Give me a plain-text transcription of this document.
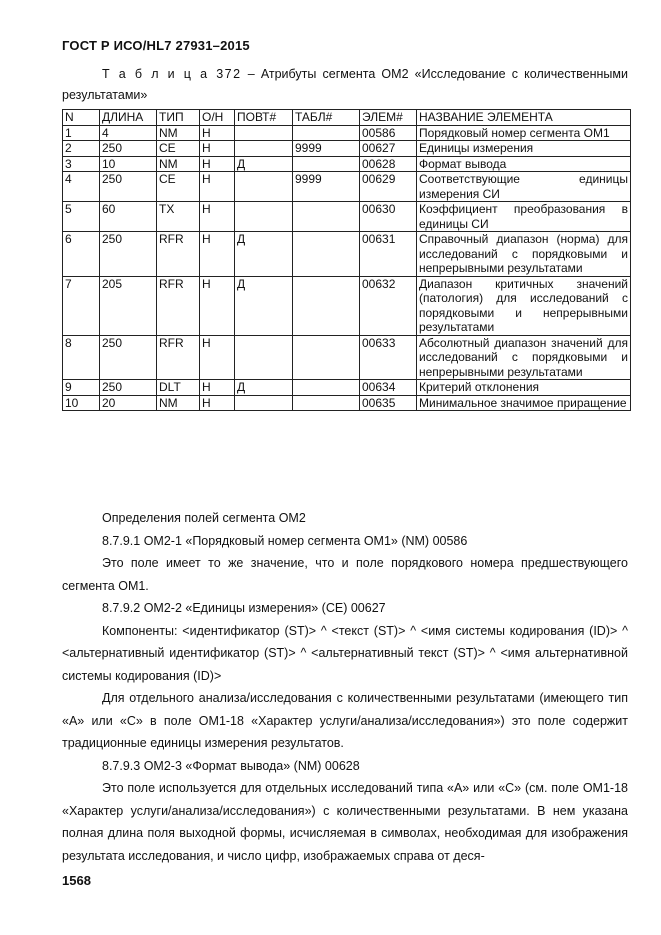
ГОСТ Р ИСО/HL7 27931–2015
Т а б л и ц а 372 – Атрибуты сегмента ОМ2 «Исследование с количественными результатами»
N	ДЛИНА	ТИП	О/Н	ПОВТ#	ТАБЛ#	ЭЛЕМ#	НАЗВАНИЕ ЭЛЕМЕНТА
1	4	NM	Н			00586	Порядковый номер сегмента ОМ1
2	250	CE	Н		9999	00627	Единицы измерения
3	10	NM	Н	Д		00628	Формат вывода
4	250	CE	Н		9999	00629	Соответствующие единицы измерения СИ
5	60	TX	Н			00630	Коэффициент преобразования в единицы СИ
6	250	RFR	Н	Д		00631	Справочный диапазон (норма) для исследований с порядковыми и непрерывными результатами
7	205	RFR	Н	Д		00632	Диапазон критичных значений (патология) для исследований с порядковыми и непрерывными результатами
8	250	RFR	Н			00633	Абсолютный диапазон значений для исследований с порядковыми и непрерывными результатами
9	250	DLT	Н	Д		00634	Критерий отклонения
10	20	NM	Н			00635	Минимальное значимое приращение

Определения полей сегмента ОМ2

8.7.9.1 ОМ2-1 «Порядковый номер сегмента ОМ1» (NM) 00586

Это поле имеет то же значение, что и поле порядкового номера предшествующего сегмента ОМ1.

8.7.9.2 ОМ2-2 «Единицы измерения» (CE) 00627

Компоненты: <идентификатор (ST)> ^ <текст (ST)> ^ <имя системы кодирования (ID)> ^ <альтернативный идентификатор (ST)> ^ <альтернативный текст (ST)> ^ <имя альтернативной системы кодирования (ID)>

Для отдельного анализа/исследования с количественными результатами (имеющего тип «А» или «С» в поле ОМ1-18 «Характер услуги/анализа/исследования») это поле содержит традиционные единицы измерения результатов.

8.7.9.3 ОМ2-3 «Формат вывода» (NM) 00628

Это поле используется для отдельных исследований типа «А» или «С» (см. поле ОМ1-18 «Характер услуги/анализа/исследования») с количественными результатами. В нем указана полная длина поля выходной формы, исчисляемая в символах, необходимая для изображения результата исследования, и число цифр, изображаемых справа от деся-

1568
